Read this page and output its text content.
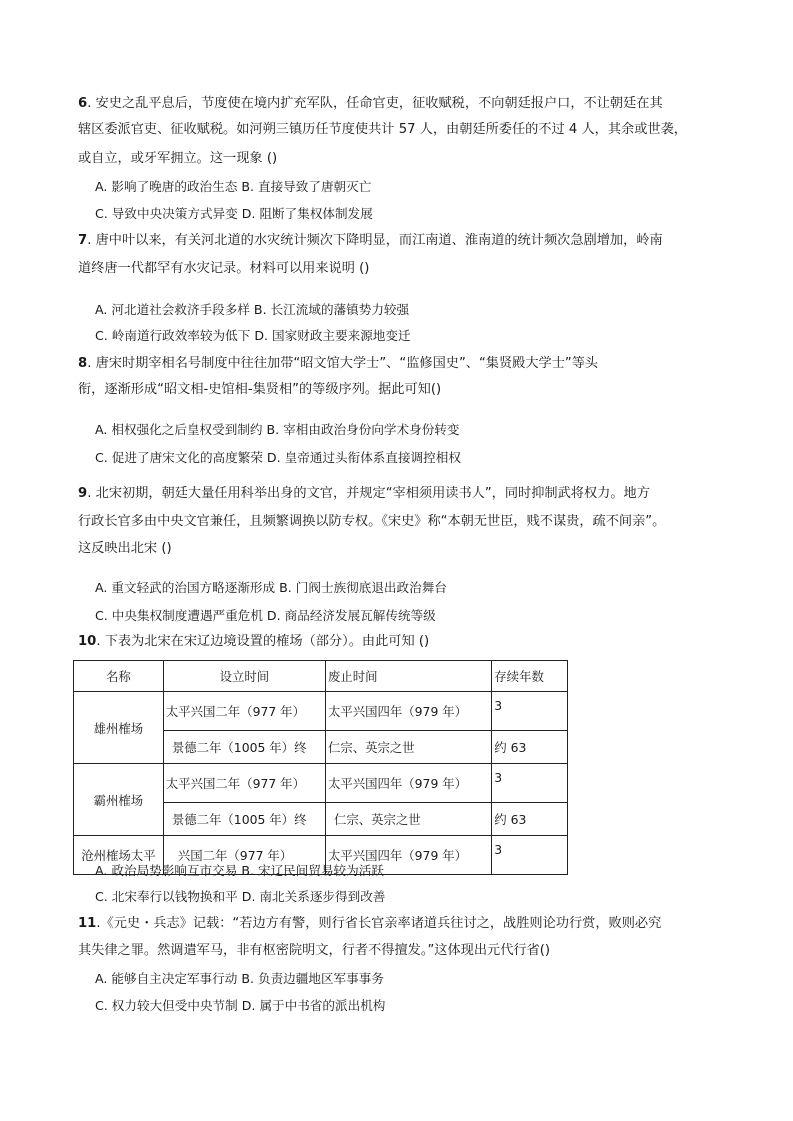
6. 安史之乱平息后，节度使在境内扩充军队，任命官吏，征收赋税，不向朝廷报户口，不让朝廷在其
辖区委派官吏、征收赋税。如河朔三镇历任节度使共计 57 人，由朝廷所委任的不过 4 人，其余或世袭，
或自立，或牙军拥立。这一现象 ()
A. 影响了晚唐的政治生态 B. 直接导致了唐朝灭亡
C. 导致中央决策方式异变 D. 阻断了集权体制发展
7. 唐中叶以来，有关河北道的水灾统计频次下降明显，而江南道、淮南道的统计频次急剧增加，岭南
道终唐一代都罕有水灾记录。材料可以用来说明 ()
A. 河北道社会救济手段多样 B. 长江流域的藩镇势力较强
C. 岭南道行政效率较为低下 D. 国家财政主要来源地变迁
8. 唐宋时期宰相名号制度中往往加带“昭文馆大学士”、“监修国史”、“集贤殿大学士”等头
衔，逐渐形成“昭文相-史馆相-集贤相”的等级序列。据此可知()
A. 相权强化之后皇权受到制约 B. 宰相由政治身份向学术身份转变
C. 促进了唐宋文化的高度繁荣 D. 皇帝通过头衔体系直接调控相权
9. 北宋初期，朝廷大量任用科举出身的文官，并规定“宰相须用读书人”，同时抑制武将权力。地方
行政长官多由中央文官兼任，且频繁调换以防专权。《宋史》称“本朝无世臣，贱不谋贵，疏不间亲”。
这反映出北宋 ()
A. 重文轻武的治国方略逐渐形成 B. 门阀士族彻底退出政治舞台
C. 中央集权制度遭遇严重危机 D. 商品经济发展瓦解传统等级
10. 下表为北宋在宋辽边境设置的榷场（部分）。由此可知 ()
名称	设立时间	废止时间	存续年数
雄州榷场	太平兴国二年（977 年）	太平兴国四年（979 年）	3
	景德二年（1005 年）终	仁宗、英宗之世	约 63
霸州榷场	太平兴国二年（977 年）	太平兴国四年（979 年）	3
	景德二年（1005 年）终	仁宗、英宗之世	约 63
沧州榷场太平	兴国二年（977 年）	太平兴国四年（979 年）	3
A. 政治局势影响互市交易 B. 宋辽民间贸易较为活跃
C. 北宋奉行以钱物换和平 D. 南北关系逐步得到改善
11.《元史・兵志》记载：“若边方有警，则行省长官亲率诸道兵往讨之，战胜则论功行赏，败则必究
其失律之罪。然调遣军马，非有枢密院明文，行者不得擅发。”这体现出元代行省()
A. 能够自主决定军事行动 B. 负责边疆地区军事事务
C. 权力较大但受中央节制 D. 属于中书省的派出机构
